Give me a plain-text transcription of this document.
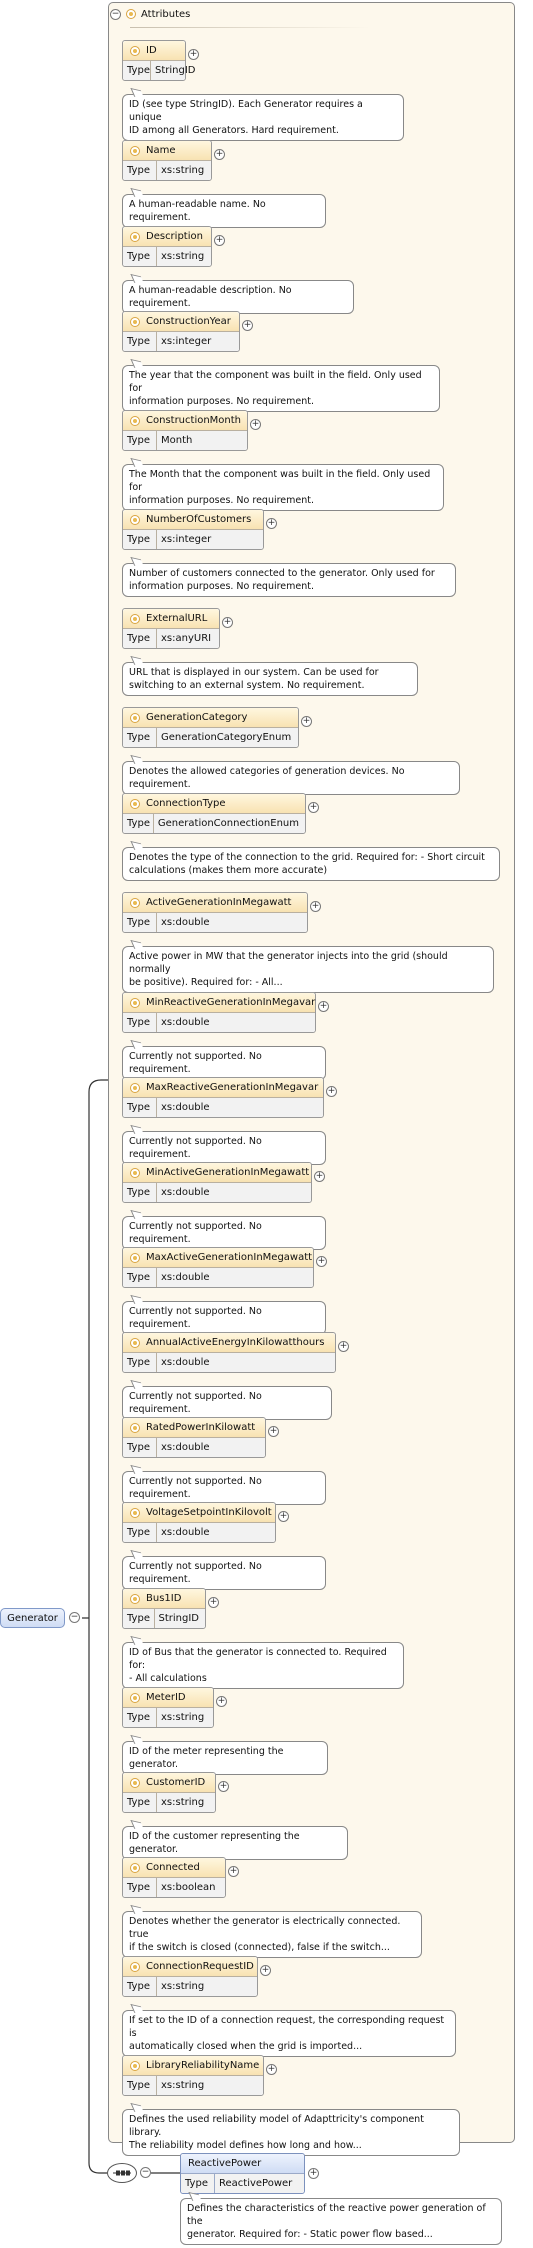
− Attributes
ID
Type StringID
+
ID (see type StringID). Each Generator requires a unique
ID among all Generators. Hard requirement.
Name
Type	xs:string
+
A human-readable name. No requirement.
Description
Type	xs:string
+
A human-readable description. No requirement.
ConstructionYear
Type	xs:integer
+
The year that the component was built in the field. Only used for
information purposes. No requirement.
ConstructionMonth
Type	Month
+
The Month that the component was built in the field. Only used for
information purposes. No requirement.
NumberOfCustomers
Type	xs:integer
+
Number of customers connected to the generator. Only used for
information purposes. No requirement.
ExternalURL
Type	xs:anyURI
+
URL that is displayed in our system. Can be used for
switching to an external system. No requirement.
GenerationCategory
Type	GenerationCategoryEnum
+
Denotes the allowed categories of generation devices. No requirement.
ConnectionType
Type GenerationConnectionEnum
+
Denotes the type of the connection to the grid. Required for: - Short circuit
calculations (makes them more accurate)
ActiveGenerationInMegawatt
Type	xs:double
+
Active power in MW that the generator injects into the grid (should normally
be positive). Required for: - All...
MinReactiveGenerationInMegavar
Type	xs:double
+
Currently not supported. No requirement.
MaxReactiveGenerationInMegavar
Type	xs:double
+
Currently not supported. No requirement.
MinActiveGenerationInMegawatt
Type	xs:double
+
Currently not supported. No requirement.
MaxActiveGenerationInMegawatt
Type	xs:double
+
Currently not supported. No requirement.
AnnualActiveEnergyInKilowatthours
Type	xs:double
+
Currently not supported. No requirement.
RatedPowerInKilowatt
Type	xs:double
+
Currently not supported. No requirement.
VoltageSetpointInKilovolt
Type	xs:double
+
Currently not supported. No requirement.
Bus1ID
Type StringID
+
ID of Bus that the generator is connected to. Required for:
- All calculations
MeterID
Type	xs:string
+
ID of the meter representing the generator.
CustomerID
Type	xs:string
+
ID of the customer representing the generator.
Connected
Type	xs:boolean
+
Denotes whether the generator is electrically connected. true
if the switch is closed (connected), false if the switch...
ConnectionRequestID
Type	xs:string
+
If set to the ID of a connection request, the corresponding request is
automatically closed when the grid is imported...
LibraryReliabilityName
Type	xs:string
+
Defines the used reliability model of Adapttricity's component library.
The reliability model defines how long and how...
Generator −
−
ReactivePower
Type	ReactivePower
+
Defines the characteristics of the reactive power generation of the
generator. Required for: - Static power flow based...
